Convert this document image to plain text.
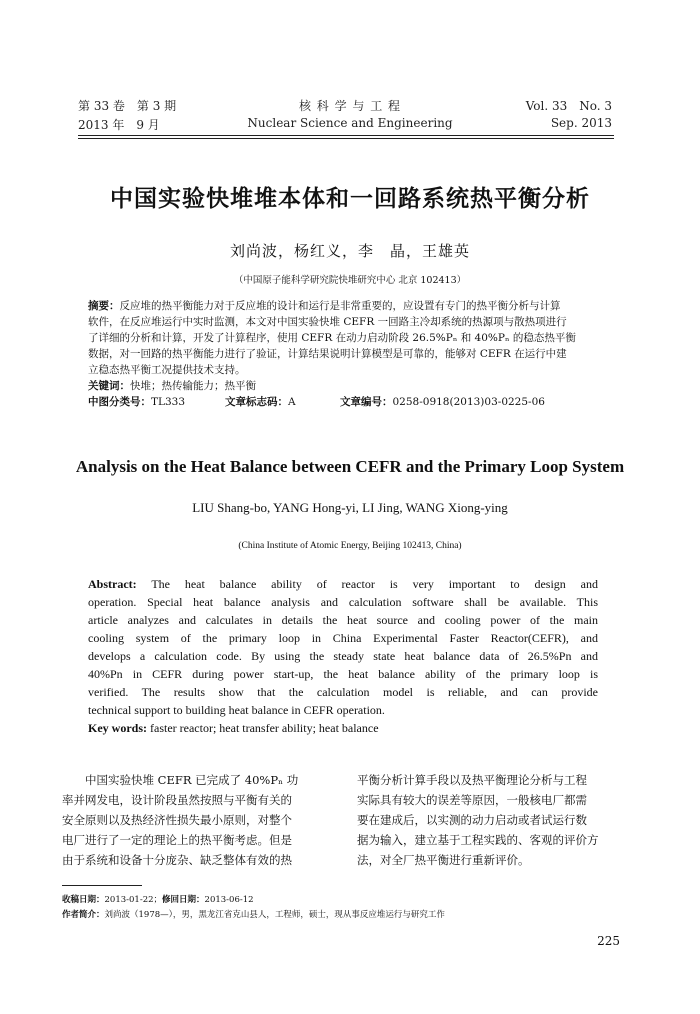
第 33 卷　第 3 期
2013 年　9 月
核 科 学 与 工 程
Nuclear Science and Engineering
Vol. 33　No. 3
Sep. 2013
中国实验快堆堆本体和一回路系统热平衡分析
刘尚波，杨红义，李　晶，王雄英
（中国原子能科学研究院快堆研究中心 北京 102413）
摘要：反应堆的热平衡能力对于反应堆的设计和运行是非常重要的，应设置有专门的热平衡分析与计算
软件，在反应堆运行中实时监测，本文对中国实验快堆 CEFR 一回路主冷却系统的热源项与散热项进行
了详细的分析和计算，开发了计算程序，使用 CEFR 在动力启动阶段 26.5%Pₙ 和 40%Pₙ 的稳态热平衡
数据，对一回路的热平衡能力进行了验证，计算结果说明计算模型是可靠的，能够对 CEFR 在运行中建
立稳态热平衡工况提供技术支持。
关键词：快堆；热传输能力；热平衡
中图分类号：TL333	文章标志码：A	文章编号：0258-0918(2013)03-0225-06
Analysis on the Heat Balance between CEFR and the Primary Loop System
LIU Shang-bo, YANG Hong-yi, LI Jing, WANG Xiong-ying
(China Institute of Atomic Energy, Beijing 102413, China)
Abstract: The heat balance ability of reactor is very important to design and
operation. Special heat balance analysis and calculation software shall be available. This
article analyzes and calculates in details the heat source and cooling power of the main
cooling system of the primary loop in China Experimental Faster Reactor(CEFR), and
develops a calculation code. By using the steady state heat balance data of 26.5%Pn and
40%Pn in CEFR during power start-up, the heat balance ability of the primary loop is
verified. The results show that the calculation model is reliable, and can provide
technical support to building heat balance in CEFR operation.
Key words: faster reactor; heat transfer ability; heat balance
　　中国实验快堆 CEFR 已完成了 40%Pₙ 功
率并网发电，设计阶段虽然按照与平衡有关的
安全原则以及热经济性损失最小原则，对整个
电厂进行了一定的理论上的热平衡考虑。但是
由于系统和设备十分庞杂、缺乏整体有效的热
平衡分析计算手段以及热平衡理论分析与工程
实际具有较大的误差等原因，一般核电厂都需
要在建成后，以实测的动力启动或者试运行数
据为输入，建立基于工程实践的、客观的评价方
法，对全厂热平衡进行重新评价。
收稿日期：2013-01-22；修回日期：2013-06-12
作者简介：刘尚波（1978—），男，黑龙江省克山县人，工程师，硕士，现从事反应堆运行与研究工作
225
